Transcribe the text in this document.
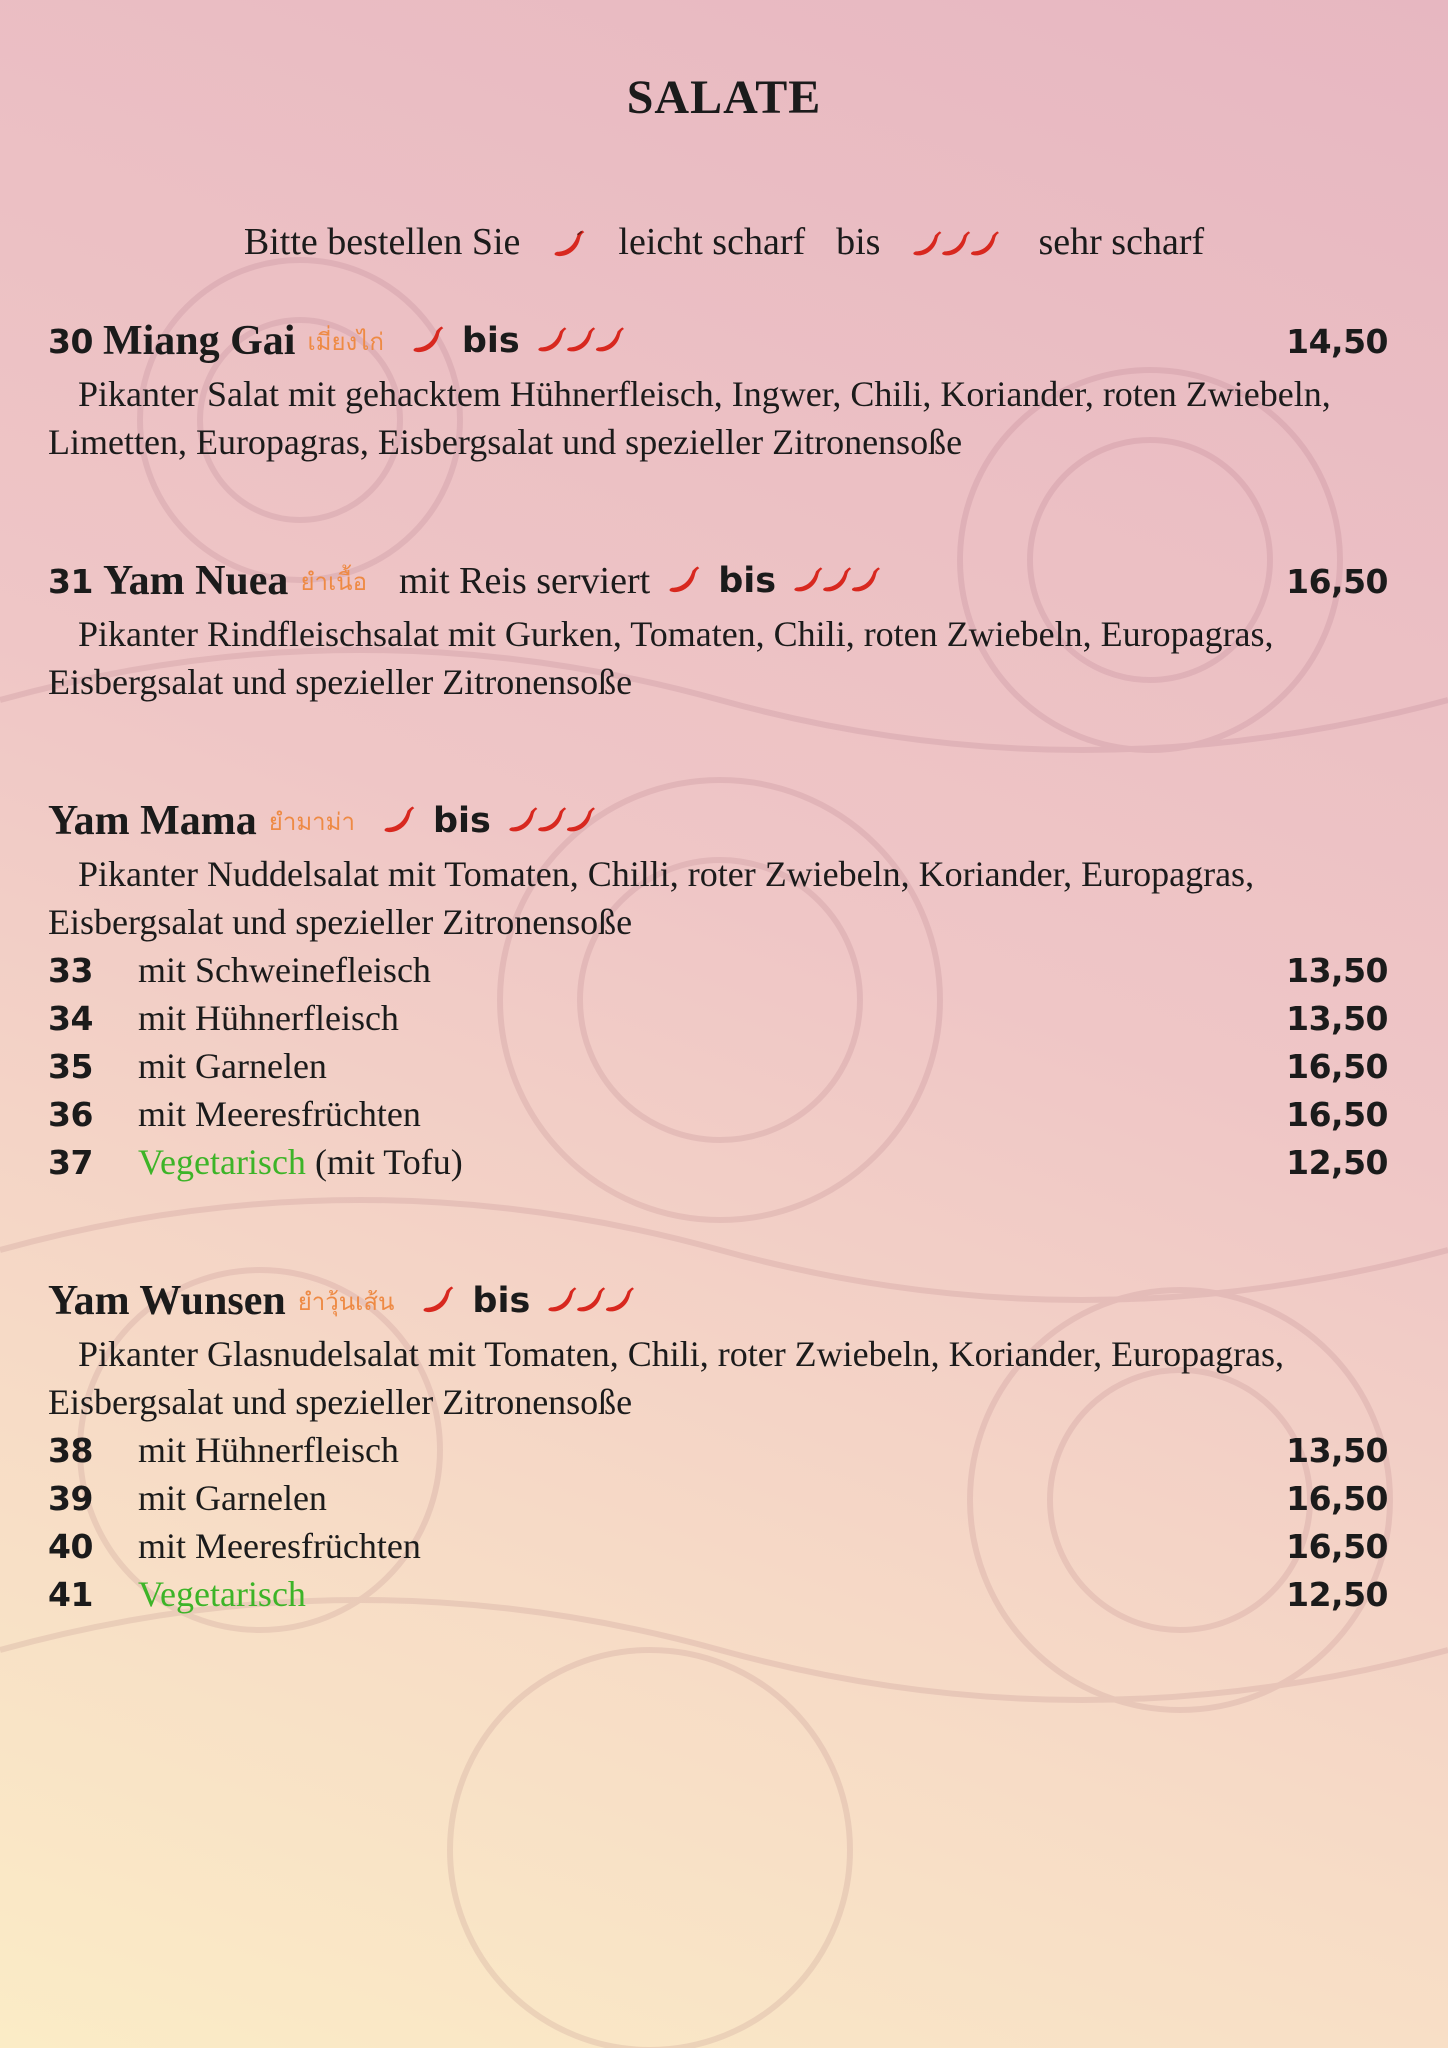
SALATE
Bitte bestellen Sie	leicht scharf bis	sehr scharf
30 Miang Gai เมี่ยงไก่ bis	14,50

Pikanter Salat mit gehacktem Hühnerfleisch, Ingwer, Chili, Koriander, roten Zwiebeln, Limetten, Europagras, Eisbergsalat und spezieller Zitronensoße

31 Yam Nuea ยำเนื้อ mit Reis serviert bis	16,50

Pikanter Rindfleischsalat mit Gurken, Tomaten, Chili, roten Zwiebeln, Europagras, Eisbergsalat und spezieller Zitronensoße

Yam Mama ยำมาม่า bis

Pikanter Nuddelsalat mit Tomaten, Chilli, roter Zwiebeln, Koriander, Europagras, Eisbergsalat und spezieller Zitronensoße

33	mit Schweinefleisch	13,50
34	mit Hühnerfleisch	13,50
35	mit Garnelen	16,50
36	mit Meeresfrüchten	16,50
37	Vegetarisch (mit Tofu)	12,50
Yam Wunsen ยำวุ้นเส้น bis

Pikanter Glasnudelsalat mit Tomaten, Chili, roter Zwiebeln, Koriander, Europagras, Eisbergsalat und spezieller Zitronensoße

38	mit Hühnerfleisch	13,50
39	mit Garnelen	16,50
40	mit Meeresfrüchten	16,50
41	Vegetarisch	12,50
